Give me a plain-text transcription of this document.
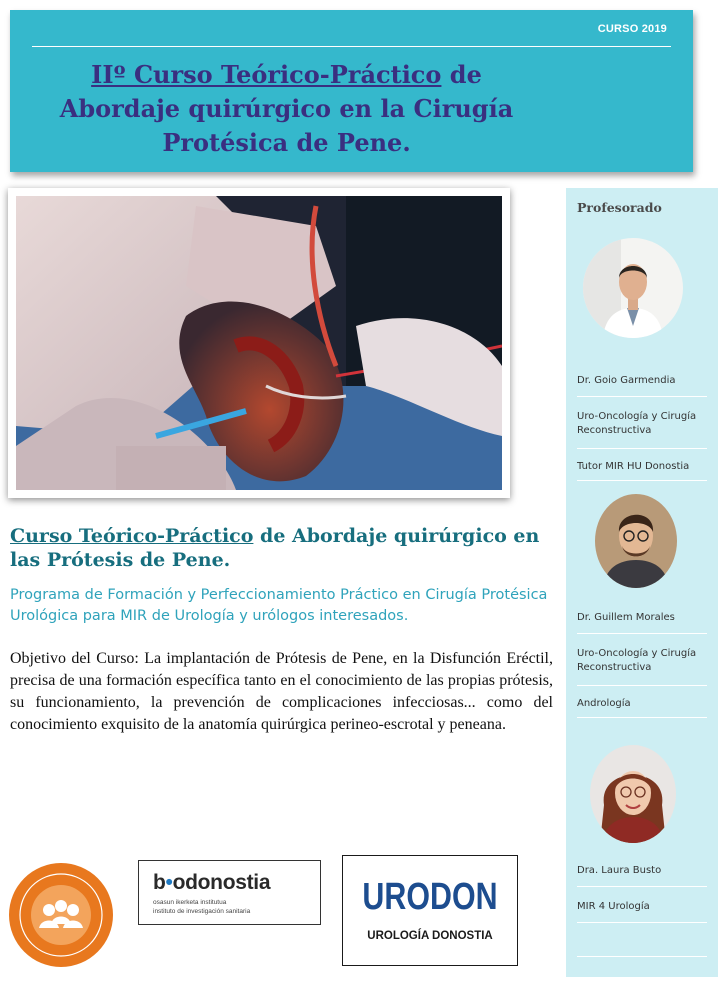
CURSO 2019
IIº Curso Teórico-Práctico de Abordaje quirúrgico en la Cirugía Protésica de Pene.
Curso Teórico-Práctico de Abordaje quirúrgico en las Prótesis de Pene.
Programa de Formación y Perfeccionamiento Práctico en Cirugía Protésica Urológica para MIR de Urología y urólogos interesados.
Objetivo del Curso: La implantación de Prótesis de Pene, en la Disfunción Eréctil, precisa de una formación específica tanto en el conocimiento de las propias prótesis, su funcionamiento, la prevención de complicaciones infecciosas... como del conocimiento exquisito de la anatomía quirúrgica perineo-escrotal y peneana.
Profesorado
Dr. Goio Garmendia
Uro-Oncología y Cirugía Reconstructiva
Tutor MIR HU Donostia
Dr. Guillem Morales
Uro-Oncología y Cirugía Reconstructiva
Andrología
Dra. Laura Busto
MIR 4 Urología
b•odonostia
osasun ikerketa institutua
instituto de investigación sanitaria	URODON
UROLOGÍA DONOSTIA
